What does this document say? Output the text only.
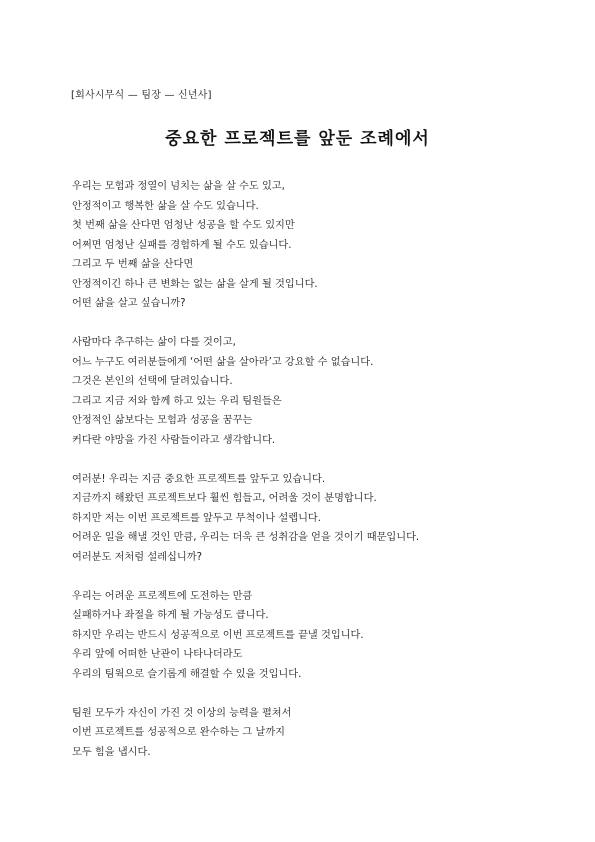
[회사시무식 — 팀장 — 신년사]
중요한 프로젝트를 앞둔 조례에서
우리는 모험과 정열이 넘치는 삶을 살 수도 있고,
안정적이고 행복한 삶을 살 수도 있습니다.
첫 번째 삶을 산다면 엄청난 성공을 할 수도 있지만
어쩌면 엄청난 실패를 경험하게 될 수도 있습니다.
그리고 두 번째 삶을 산다면
안정적이긴 하나 큰 변화는 없는 삶을 살게 될 것입니다.
어떤 삶을 살고 싶습니까?
사람마다 추구하는 삶이 다를 것이고,
어느 누구도 여러분들에게 ‘어떤 삶을 살아라’고 강요할 수 없습니다.
그것은 본인의 선택에 달려있습니다.
그리고 지금 저와 함께 하고 있는 우리 팀원들은
안정적인 삶보다는 모험과 성공을 꿈꾸는
커다란 야망을 가진 사람들이라고 생각합니다.
여러분! 우리는 지금 중요한 프로젝트를 앞두고 있습니다.
지금까지 해왔던 프로젝트보다 훨씬 힘들고, 어려울 것이 분명합니다.
하지만 저는 이번 프로젝트를 앞두고 무척이나 설렙니다.
어려운 일을 해낼 것인 만큼, 우리는 더욱 큰 성취감을 얻을 것이기 때문입니다.
여러분도 저처럼 설레십니까?
우리는 어려운 프로젝트에 도전하는 만큼
실패하거나 좌절을 하게 될 가능성도 큽니다.
하지만 우리는 반드시 성공적으로 이번 프로젝트를 끝낼 것입니다.
우리 앞에 어떠한 난관이 나타나더라도
우리의 팀웍으로 슬기롭게 해결할 수 있을 것입니다.
팀원 모두가 자신이 가진 것 이상의 능력을 펼쳐서
이번 프로젝트를 성공적으로 완수하는 그 날까지
모두 힘을 냅시다.
